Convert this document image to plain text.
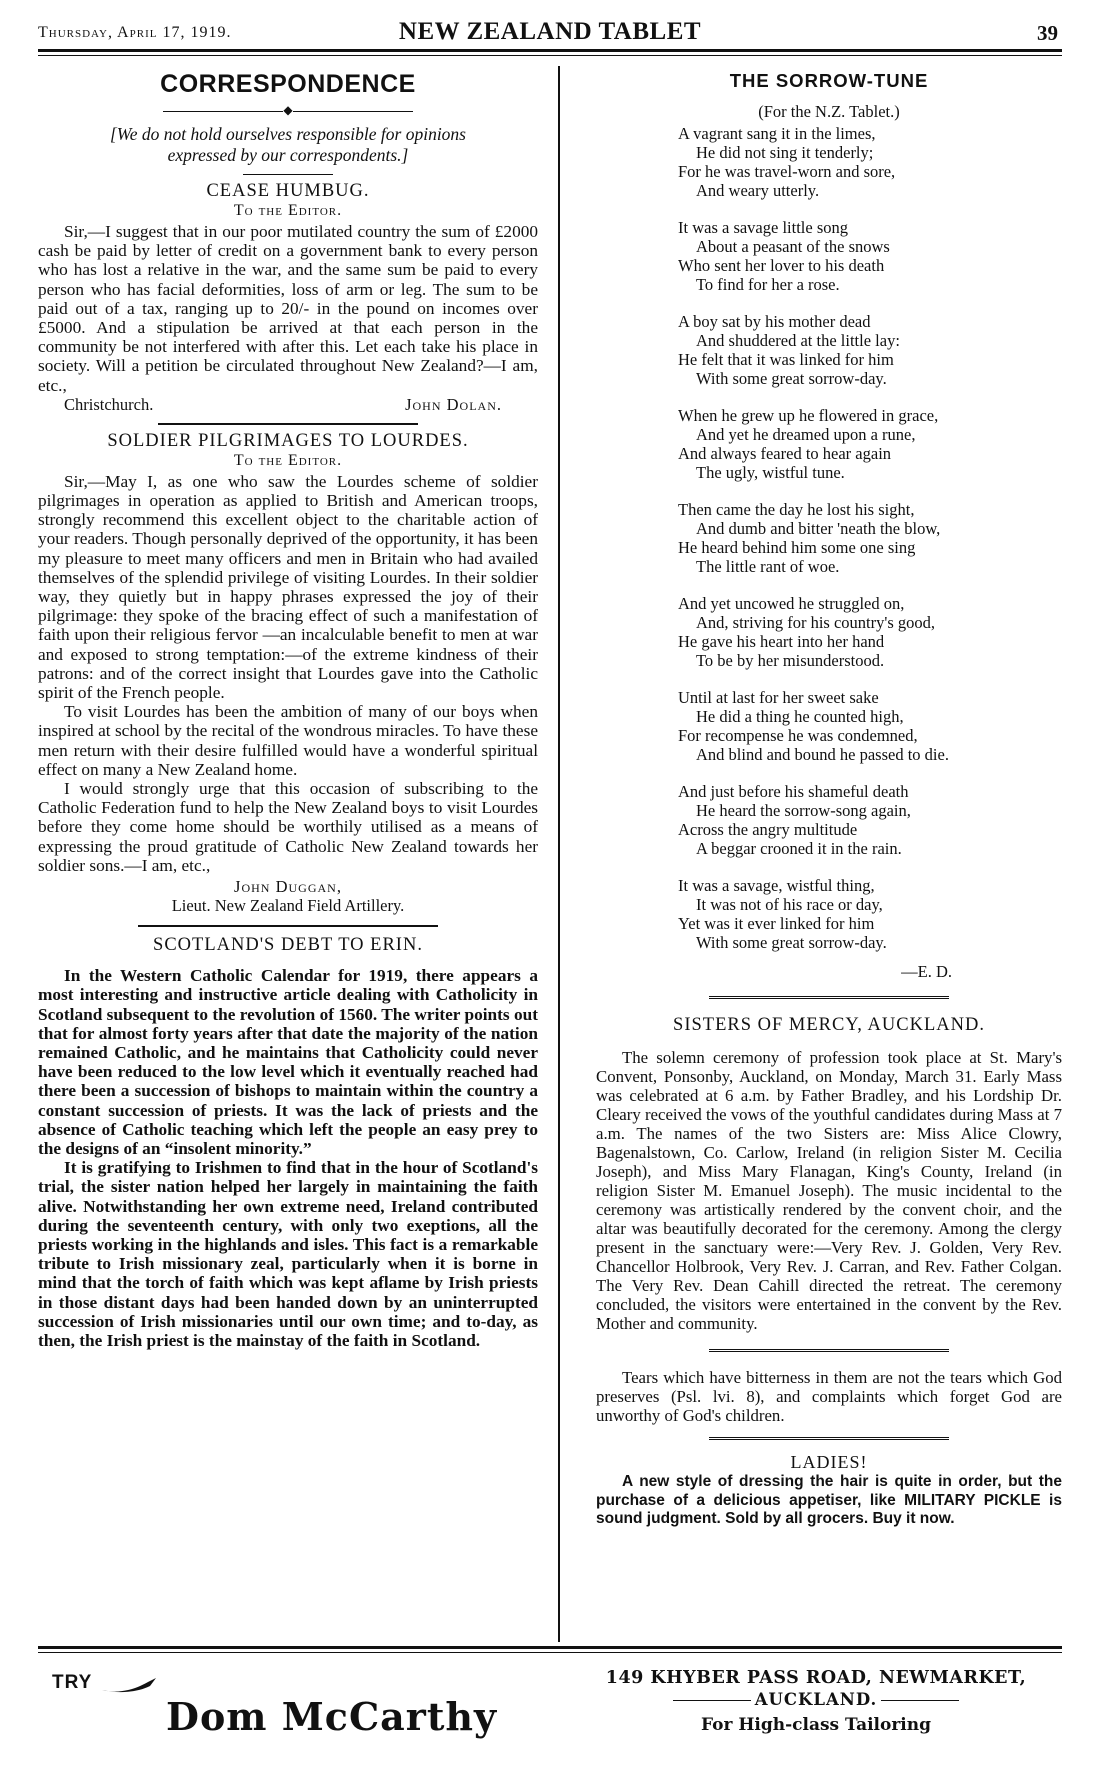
Thursday, April 17, 1919.	NEW ZEALAND TABLET	39
CORRESPONDENCE
◆
[We do not hold ourselves responsible for opinions
expressed by our correspondents.]
CEASE HUMBUG.
To the Editor.

Sir,—I suggest that in our poor mutilated country the sum of £2000 cash be paid by letter of credit on a government bank to every person who has lost a relative in the war, and the same sum be paid to every person who has facial deformities, loss of arm or leg. The sum to be paid out of a tax, ranging up to 20/- in the pound on incomes over £5000. And a stipulation be arrived at that each person in the community be not interfered with after this. Let each take his place in society. Will a petition be circulated throughout New Zealand?—I am, etc.,

Christchurch.	John Dolan.
SOLDIER PILGRIMAGES TO LOURDES.
To the Editor.

Sir,—May I, as one who saw the Lourdes scheme of soldier pilgrimages in operation as applied to British and American troops, strongly recommend this excellent object to the charitable action of your readers. Though personally deprived of the opportunity, it has been my pleasure to meet many officers and men in Britain who had availed themselves of the splendid privilege of visiting Lourdes. In their soldier way, they quietly but in happy phrases expressed the joy of their pilgrimage: they spoke of the bracing effect of such a manifestation of faith upon their religious fervor —an incalculable benefit to men at war and exposed to strong temptation:—of the extreme kindness of their patrons: and of the correct insight that Lourdes gave into the Catholic spirit of the French people.

To visit Lourdes has been the ambition of many of our boys when inspired at school by the recital of the wondrous miracles. To have these men return with their desire fulfilled would have a wonderful spiritual effect on many a New Zealand home.

I would strongly urge that this occasion of subscribing to the Catholic Federation fund to help the New Zealand boys to visit Lourdes before they come home should be worthily utilised as a means of expressing the proud gratitude of Catholic New Zealand towards her soldier sons.—I am, etc.,

John Duggan,
Lieut. New Zealand Field Artillery.
SCOTLAND'S DEBT TO ERIN.

In the Western Catholic Calendar for 1919, there appears a most interesting and instructive article dealing with Catholicity in Scotland subsequent to the revolution of 1560. The writer points out that for almost forty years after that date the majority of the nation remained Catholic, and he maintains that Catholicity could never have been reduced to the low level which it eventually reached had there been a succession of bishops to maintain within the country a constant succession of priests. It was the lack of priests and the absence of Catholic teaching which left the people an easy prey to the designs of an “insolent minority.”

It is gratifying to Irishmen to find that in the hour of Scotland's trial, the sister nation helped her largely in maintaining the faith alive. Notwithstanding her own extreme need, Ireland contributed during the seventeenth century, with only two exeptions, all the priests working in the highlands and isles. This fact is a remarkable tribute to Irish missionary zeal, particularly when it is borne in mind that the torch of faith which was kept aflame by Irish priests in those distant days had been handed down by an uninterrupted succession of Irish missionaries until our own time; and to-day, as then, the Irish priest is the mainstay of the faith in Scotland.

THE SORROW-TUNE
(For the N.Z. Tablet.)
A vagrant sang it in the limes,
He did not sing it tenderly;
For he was travel-worn and sore,
And weary utterly.
It was a savage little song
About a peasant of the snows
Who sent her lover to his death
To find for her a rose.
A boy sat by his mother dead
And shuddered at the little lay:
He felt that it was linked for him
With some great sorrow-day.
When he grew up he flowered in grace,
And yet he dreamed upon a rune,
And always feared to hear again
The ugly, wistful tune.
Then came the day he lost his sight,
And dumb and bitter 'neath the blow,
He heard behind him some one sing
The little rant of woe.
And yet uncowed he struggled on,
And, striving for his country's good,
He gave his heart into her hand
To be by her misunderstood.
Until at last for her sweet sake
He did a thing he counted high,
For recompense he was condemned,
And blind and bound he passed to die.
And just before his shameful death
He heard the sorrow-song again,
Across the angry multitude
A beggar crooned it in the rain.
It was a savage, wistful thing,
It was not of his race or day,
Yet was it ever linked for him
With some great sorrow-day.
—E. D.
SISTERS OF MERCY, AUCKLAND.

The solemn ceremony of profession took place at St. Mary's Convent, Ponsonby, Auckland, on Monday, March 31. Early Mass was celebrated at 6 a.m. by Father Bradley, and his Lordship Dr. Cleary received the vows of the youthful candidates during Mass at 7 a.m. The names of the two Sisters are: Miss Alice Clowry, Bagenalstown, Co. Carlow, Ireland (in religion Sister M. Cecilia Joseph), and Miss Mary Flanagan, King's County, Ireland (in religion Sister M. Emanuel Joseph). The music incidental to the ceremony was artistically rendered by the convent choir, and the altar was beautifully decorated for the ceremony. Among the clergy present in the sanctuary were:—Very Rev. J. Golden, Very Rev. Chancellor Holbrook, Very Rev. J. Carran, and Rev. Father Colgan. The Very Rev. Dean Cahill directed the retreat. The ceremony concluded, the visitors were entertained in the convent by the Rev. Mother and community.

Tears which have bitterness in them are not the tears which God preserves (Psl. lvi. 8), and complaints which forget God are unworthy of God's children.

LADIES!

A new style of dressing the hair is quite in order, but the purchase of a delicious appetiser, like MILITARY PICKLE is sound judgment. Sold by all grocers. Buy it now.

TRY
Dom McCarthy
149 KHYBER PASS ROAD, NEWMARKET,
AUCKLAND.
For High-class Tailoring
